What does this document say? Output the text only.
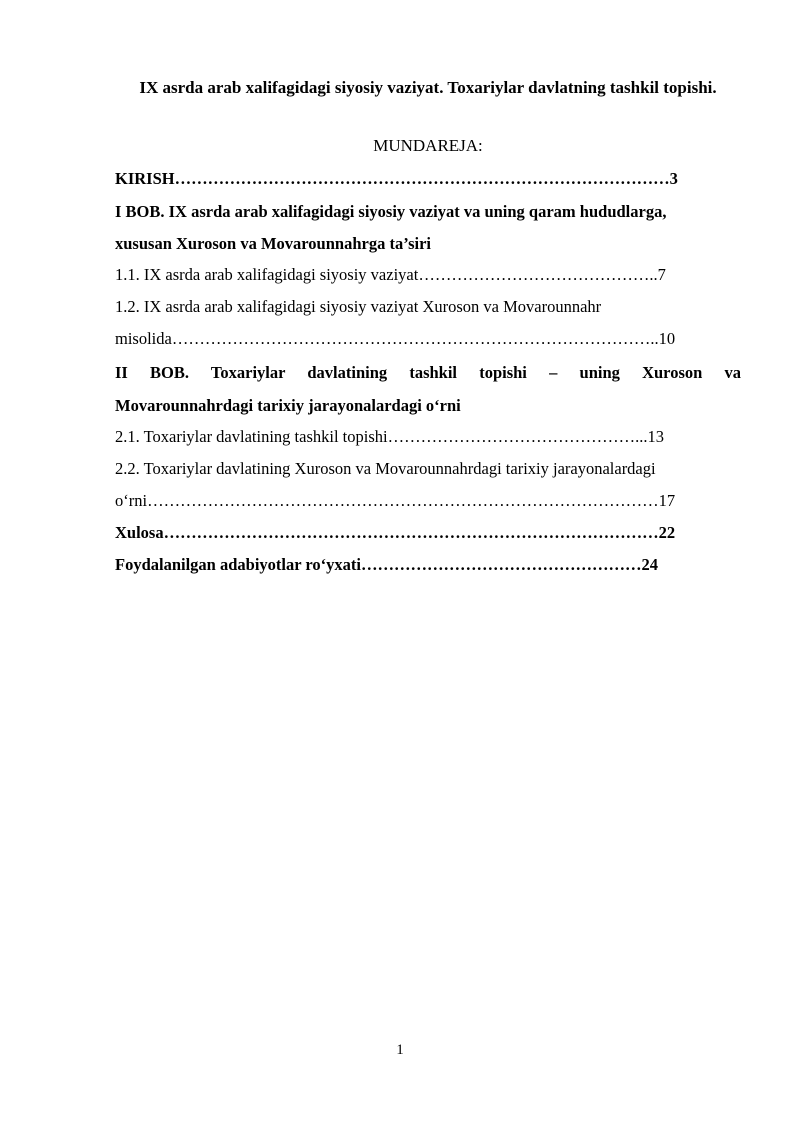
IX asrda arab xalifagidagi siyosiy vaziyat. Toxariylar davlatning tashkil topishi.
MUNDAREJA:
KIRISH………………………………………………………………………………3
I BOB. IX asrda arab xalifagidagi siyosiy vaziyat va uning qaram hududlarga,
xususan Xuroson va Movarounnahrga ta’siri
1.1. IX asrda arab xalifagidagi siyosiy vaziyat……………………………………..7
1.2. IX asrda arab xalifagidagi siyosiy vaziyat Xuroson va Movarounnahr
misolida……………………………………………………………………………..10
II BOB. Toxariylar davlatining tashkil topishi – uning Xuroson va
Movarounnahrdagi tarixiy jarayonalardagi o‘rni
2.1. Toxariylar davlatining tashkil topishi………………………………………...13
2.2. Toxariylar davlatining Xuroson va Movarounnahrdagi tarixiy jarayonalardagi
o‘rni…………………………………………………………………………………17
Xulosa………………………………………………………………………………22
Foydalanilgan adabiyotlar ro‘yxati……………………………………………24
1
